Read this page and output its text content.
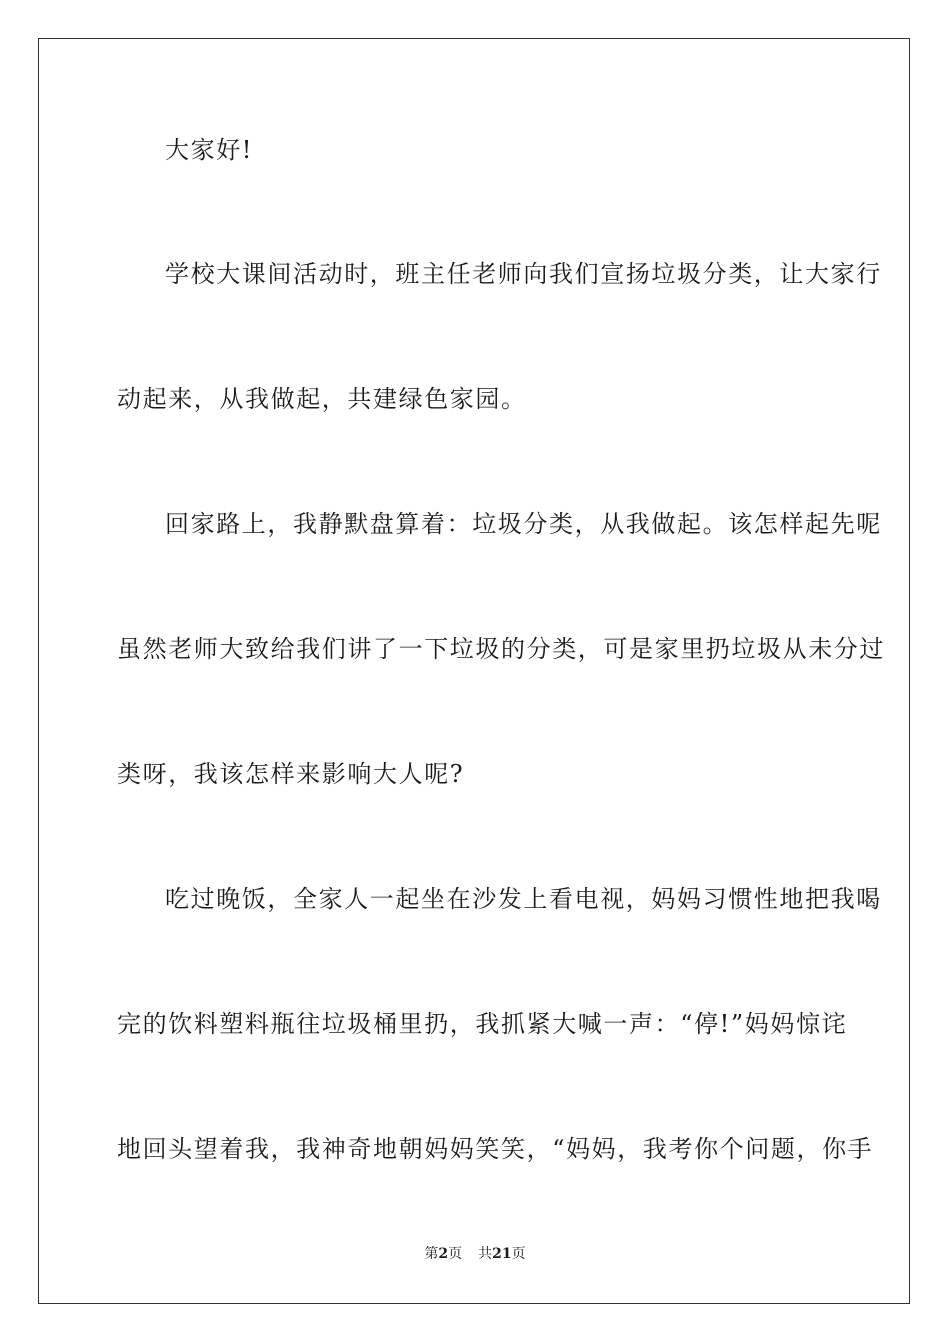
大家好!
学校大课间活动时，班主任老师向我们宣扬垃圾分类，让大家行
动起来，从我做起，共建绿色家园。
回家路上，我静默盘算着：垃圾分类，从我做起。该怎样起先呢
虽然老师大致给我们讲了一下垃圾的分类，可是家里扔垃圾从未分过
类呀，我该怎样来影响大人呢?
吃过晚饭，全家人一起坐在沙发上看电视，妈妈习惯性地把我喝
完的饮料塑料瓶往垃圾桶里扔，我抓紧大喊一声：“停!”妈妈惊诧
地回头望着我，我神奇地朝妈妈笑笑，“妈妈，我考你个问题，你手
第2页 共21页
